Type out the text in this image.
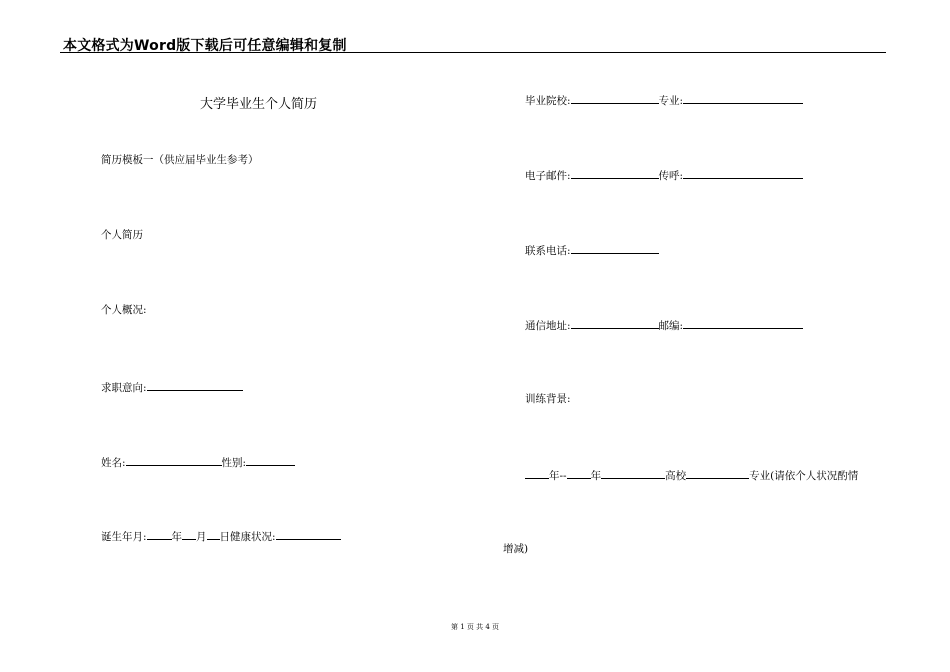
本文格式为Word版下载后可任意编辑和复制
大学毕业生个人简历
简历模板一（供应届毕业生参考）
个人简历
个人概况:
求职意向:
姓名:	性别:
诞生年月: 年 月 日健康状况:
毕业院校:	专业:
电子邮件:	传呼:
联系电话:
通信地址:	邮编:
训练背景:
年-- 年	高校	专业(请依个人状况酌情
增减)
第 1 页 共 4 页
